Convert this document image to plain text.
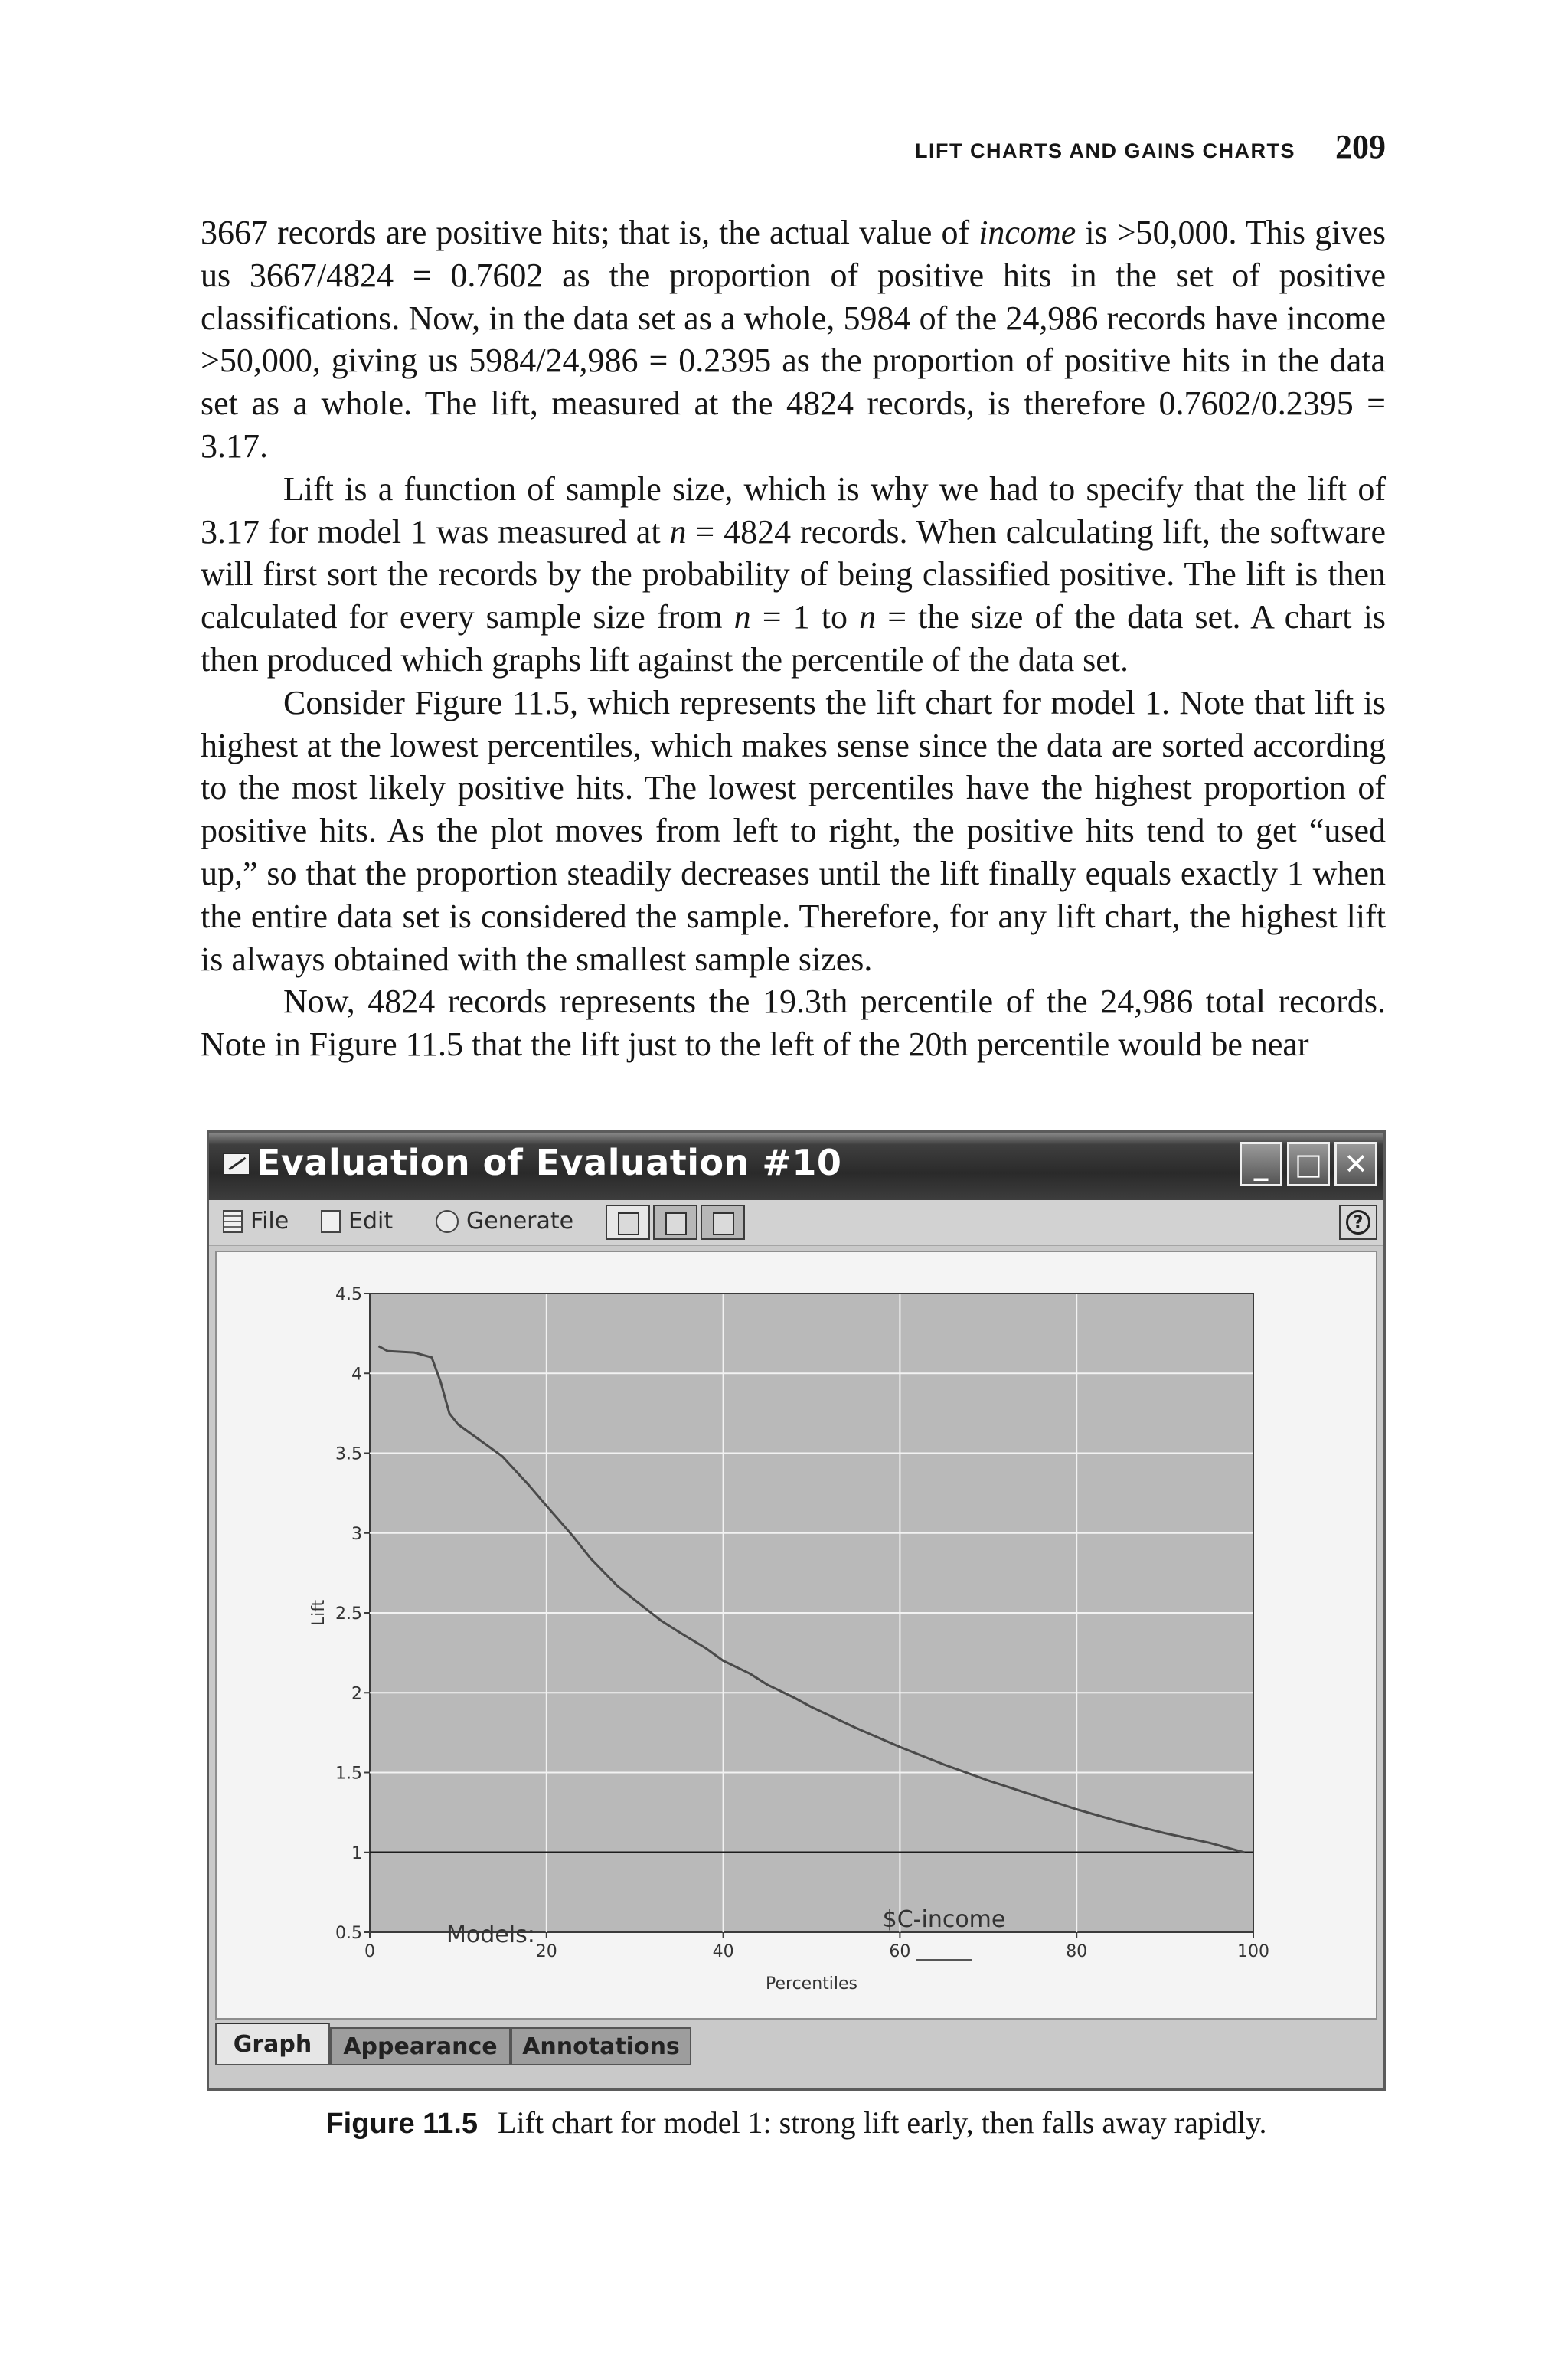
LIFT CHARTS AND GAINS CHARTS 209

3667 records are positive hits; that is, the actual value of income is >50,000. This gives us 3667/4824 = 0.7602 as the proportion of positive hits in the set of positive classifications. Now, in the data set as a whole, 5984 of the 24,986 records have income >50,000, giving us 5984/24,986 = 0.2395 as the proportion of positive hits in the data set as a whole. The lift, measured at the 4824 records, is therefore 0.7602/0.2395 = 3.17.

Lift is a function of sample size, which is why we had to specify that the lift of 3.17 for model 1 was measured at n = 4824 records. When calculating lift, the software will first sort the records by the probability of being classified positive. The lift is then calculated for every sample size from n = 1 to n = the size of the data set. A chart is then produced which graphs lift against the percentile of the data set.

Consider Figure 11.5, which represents the lift chart for model 1. Note that lift is highest at the lowest percentiles, which makes sense since the data are sorted according to the most likely positive hits. The lowest percentiles have the highest proportion of positive hits. As the plot moves from left to right, the positive hits tend to get “used up,” so that the proportion steadily decreases until the lift finally equals exactly 1 when the entire data set is considered the sample. Therefore, for any lift chart, the highest lift is always obtained with the smallest sample sizes.

Now, 4824 records represents the 19.3th percentile of the 24,986 total records. Note in Figure 11.5 that the lift just to the left of the 20th percentile would be near

Evaluation of Evaluation #10	_ □ ✕
File	Edit	Generate	?
0	20	40	60	80	100
0.5
1
1.5
2
2.5
3
3.5
4
4.5
Percentiles
Lift
Models:
$C-income
Graph	Appearance	Annotations
Figure 11.5 Lift chart for model 1: strong lift early, then falls away rapidly.
